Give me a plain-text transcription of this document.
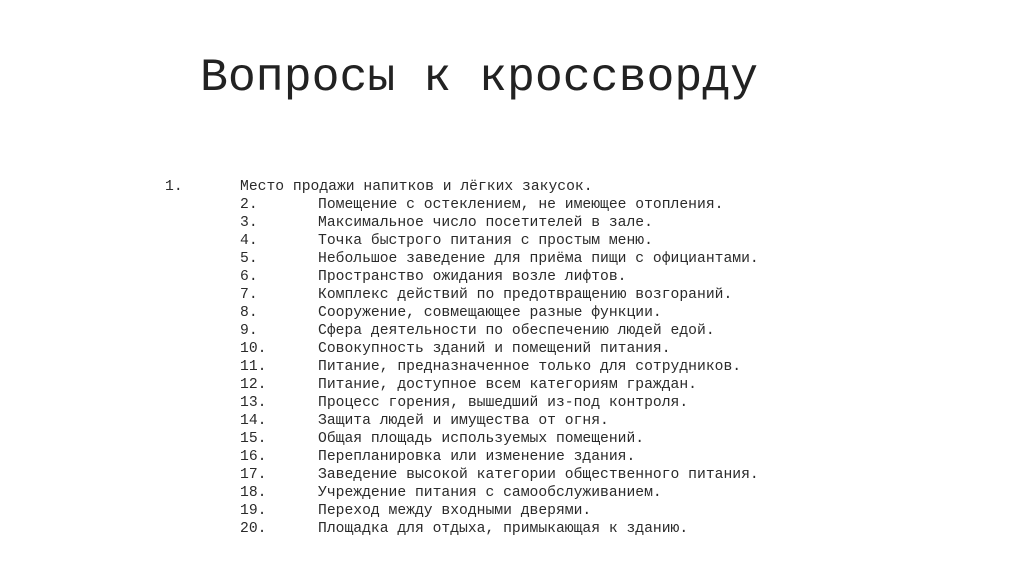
Вопросы к кроссворду
1.	Место продажи напитков и лёгких закусок.
2.	Помещение с остеклением, не имеющее отопления.
3.	Максимальное число посетителей в зале.
4.	Точка быстрого питания с простым меню.
5.	Небольшое заведение для приёма пищи с официантами.
6.	Пространство ожидания возле лифтов.
7.	Комплекс действий по предотвращению возгораний.
8.	Сооружение, совмещающее разные функции.
9.	Сфера деятельности по обеспечению людей едой.
10.	Совокупность зданий и помещений питания.
11.	Питание, предназначенное только для сотрудников.
12.	Питание, доступное всем категориям граждан.
13.	Процесс горения, вышедший из-под контроля.
14.	Защита людей и имущества от огня.
15.	Общая площадь используемых помещений.
16.	Перепланировка или изменение здания.
17.	Заведение высокой категории общественного питания.
18.	Учреждение питания с самообслуживанием.
19.	Переход между входными дверями.
20.	Площадка для отдыха, примыкающая к зданию.
